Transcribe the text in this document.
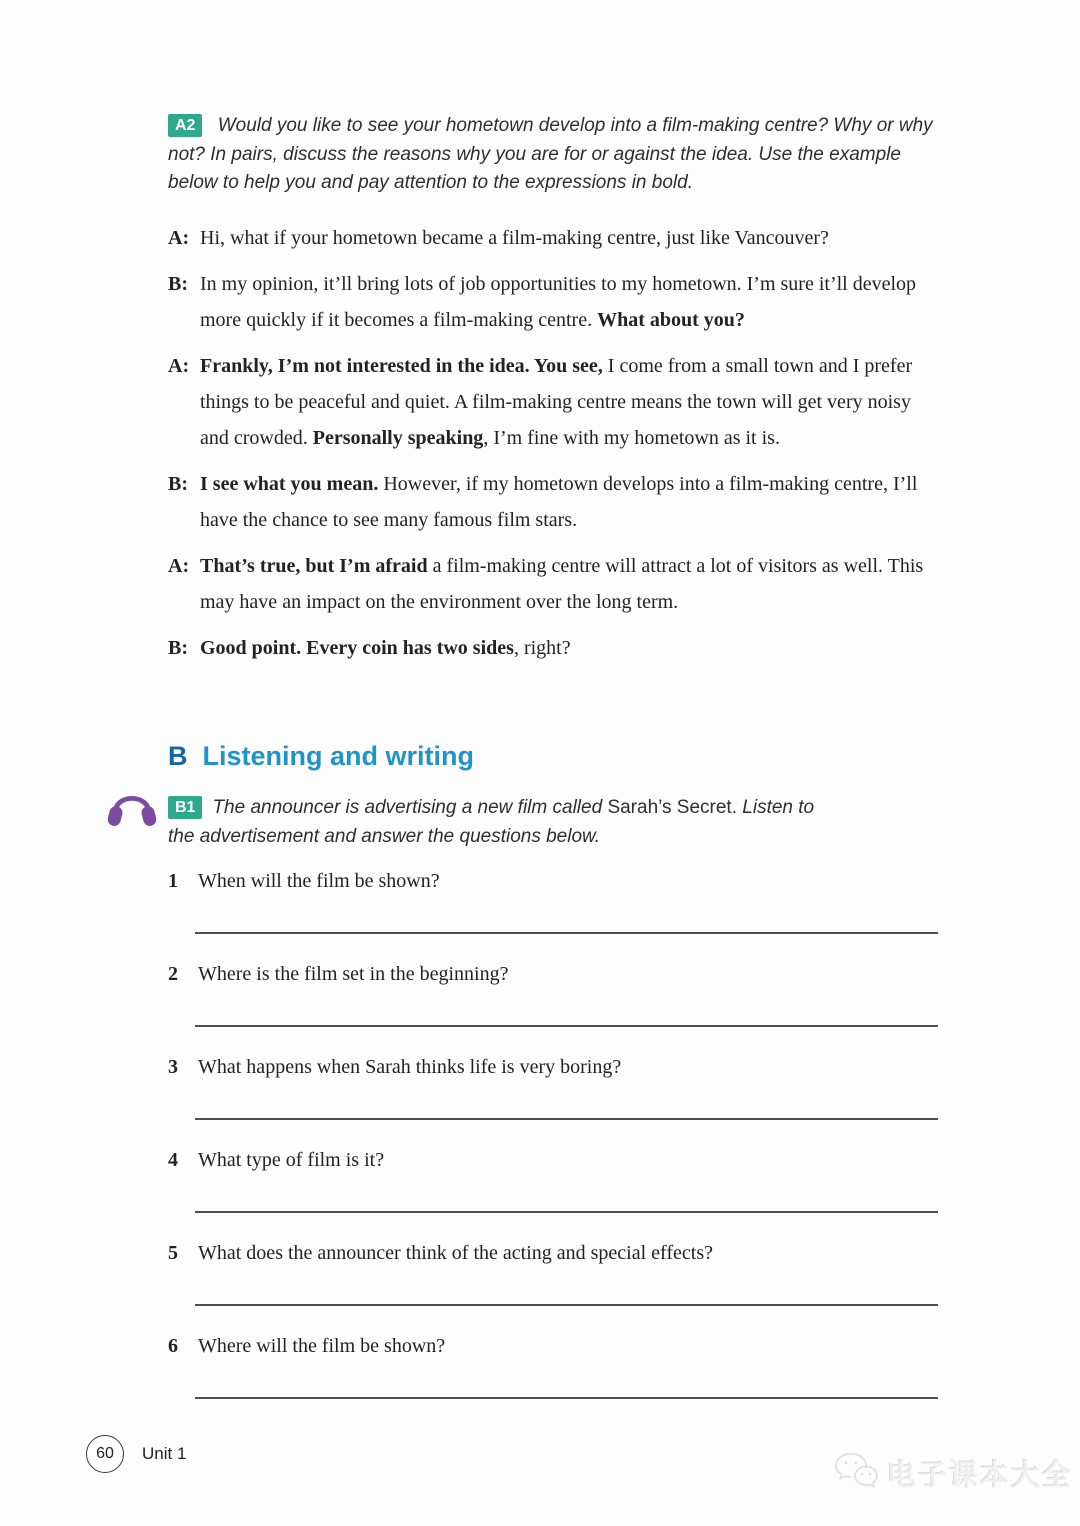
A2 Would you like to see your hometown develop into a film-making centre? Why or why not? In pairs, discuss the reasons why you are for or against the idea. Use the example below to help you and pay attention to the expressions in bold.
A: Hi, what if your hometown became a film-making centre, just like Vancouver?
B: In my opinion, it’ll bring lots of job opportunities to my hometown. I’m sure it’ll develop more quickly if it becomes a film-making centre. What about you?
A: Frankly, I’m not interested in the idea. You see, I come from a small town and I prefer things to be peaceful and quiet. A film-making centre means the town will get very noisy and crowded. Personally speaking, I’m fine with my hometown as it is.
B: I see what you mean. However, if my hometown develops into a film-making centre, I’ll have the chance to see many famous film stars.
A: That’s true, but I’m afraid a film-making centre will attract a lot of visitors as well. This may have an impact on the environment over the long term.
B: Good point. Every coin has two sides, right?
B Listening and writing
B1 The announcer is advertising a new film called Sarah’s Secret. Listen to the advertisement and answer the questions below.
1	When will the film be shown?
2	Where is the film set in the beginning?
3	What happens when Sarah thinks life is very boring?
4	What type of film is it?
5	What does the announcer think of the acting and special effects?
6	Where will the film be shown?
60	Unit 1
电子课本大全
